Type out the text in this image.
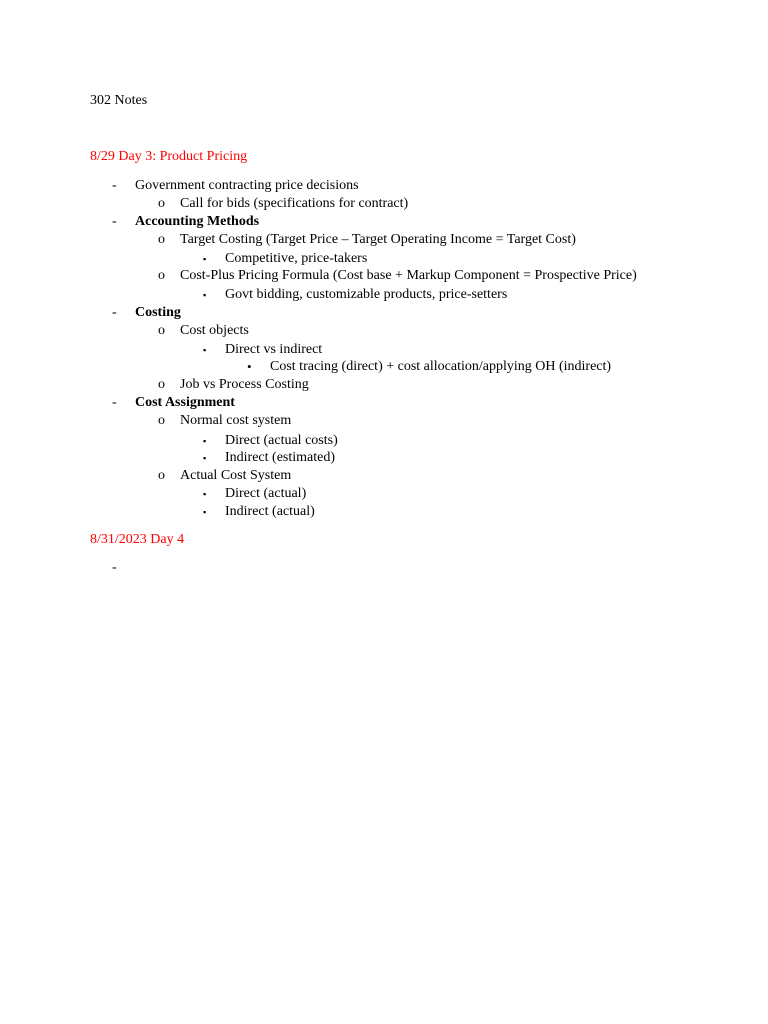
302 Notes
8/29 Day 3: Product Pricing
- Government contracting price decisions
o Call for bids (specifications for contract)
- Accounting Methods
o Target Costing (Target Price – Target Operating Income = Target Cost)
▪ Competitive, price-takers
o Cost-Plus Pricing Formula (Cost base + Markup Component = Prospective Price)
▪ Govt bidding, customizable products, price-setters
- Costing
o Cost objects
▪ Direct vs indirect
• Cost tracing (direct) + cost allocation/applying OH (indirect)
o Job vs Process Costing
- Cost Assignment
o Normal cost system
▪ Direct (actual costs)
▪ Indirect (estimated)
o Actual Cost System
▪ Direct (actual)
▪ Indirect (actual)
8/31/2023 Day 4
-
